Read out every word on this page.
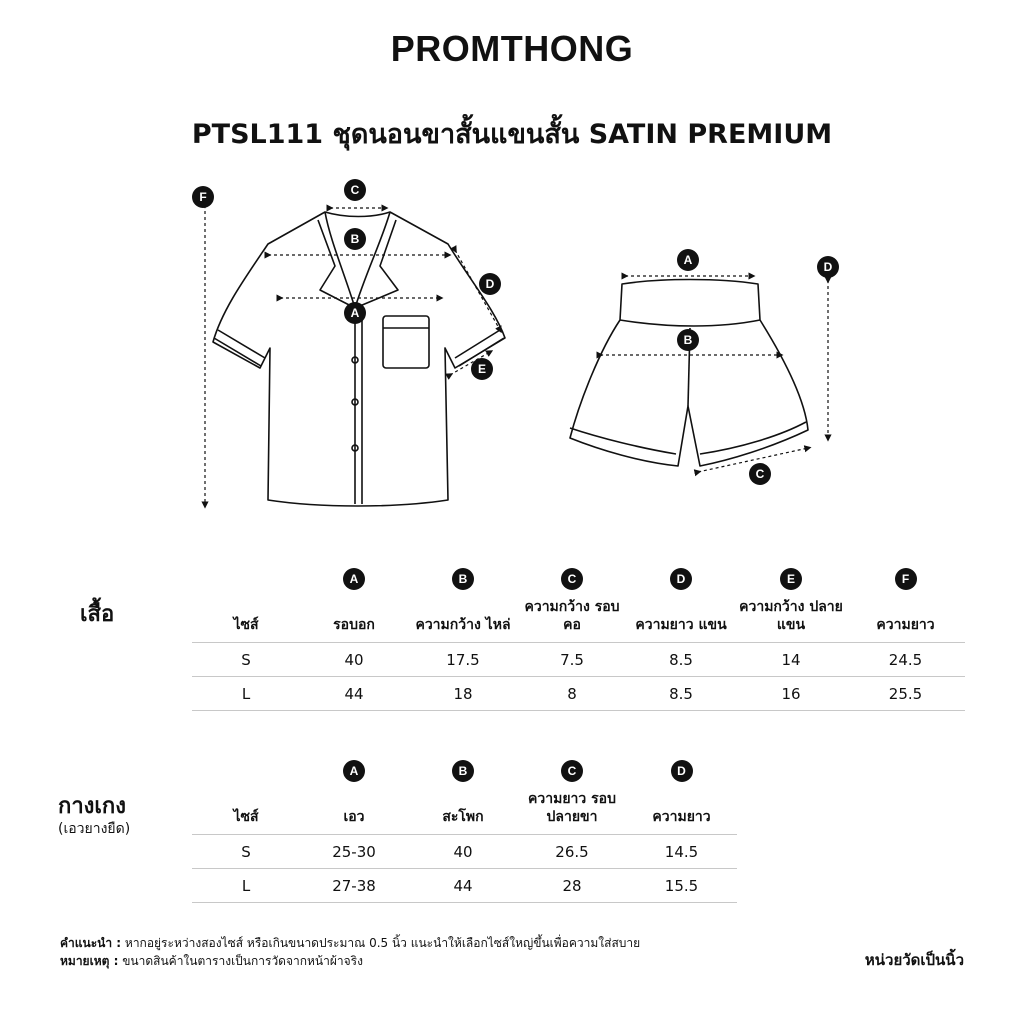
PROMTHONG
PTSL111 ชุดนอนขาสั้นแขนสั้น SATIN PREMIUM
F	C
B
A
D
E
A
B
C
D
เสื้อ
	A	B	C	D	E	F
ไซส์	รอบอก	ความกว้าง ไหล่	ความกว้าง รอบคอ	ความยาว แขน	ความกว้าง ปลายแขน	ความยาว
S	40	17.5	7.5	8.5	14	24.5
L	44	18	8	8.5	16	25.5
กางเกง
(เอวยางยืด)
	A	B	C	D
ไซส์	เอว	สะโพก	ความยาว รอบปลายขา	ความยาว
S	25-30	40	26.5	14.5
L	27-38	44	28	15.5
คำแนะนำ : หากอยู่ระหว่างสองไซส์ หรือเกินขนาดประมาณ 0.5 นิ้ว แนะนำให้เลือกไซส์ใหญ่ขึ้นเพื่อความใส่สบาย
หมายเหตุ : ขนาดสินค้าในตารางเป็นการวัดจากหน้าผ้าจริง	หน่วยวัดเป็นนิ้ว
